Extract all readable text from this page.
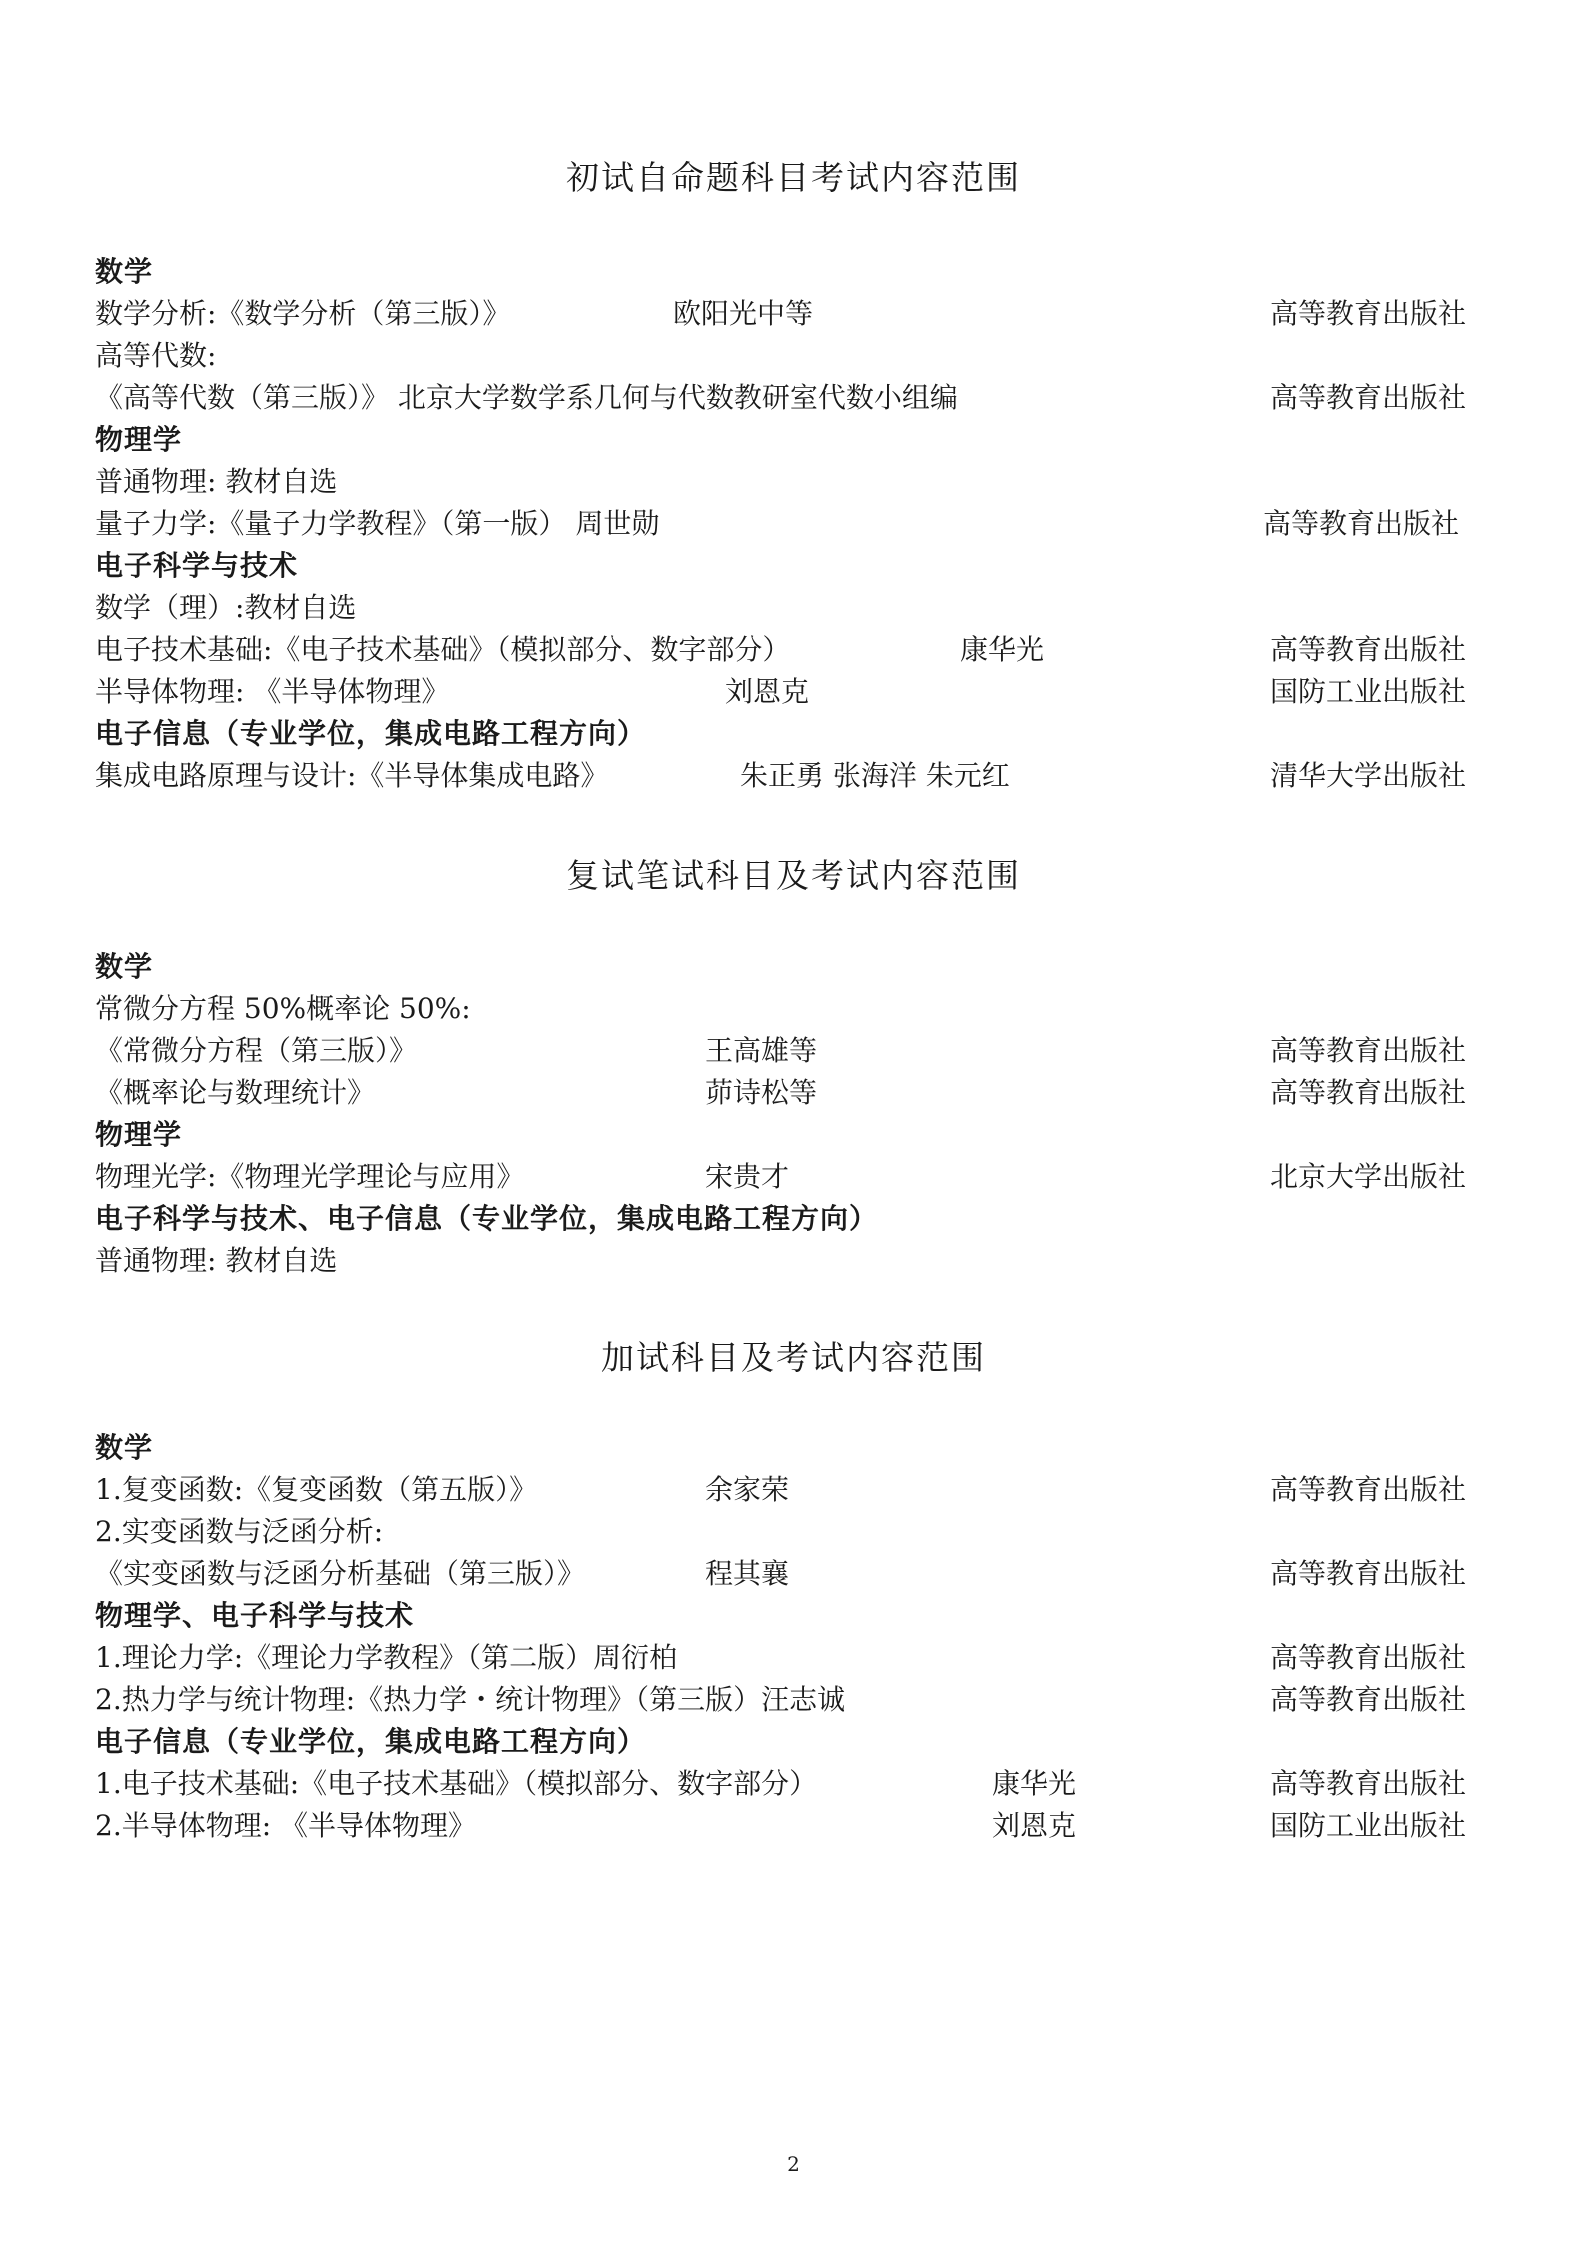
初试自命题科目考试内容范围
数学
数学分析:《数学分析（第三版）》	欧阳光中等	高等教育出版社
高等代数:
《高等代数（第三版）》 北京大学数学系几何与代数教研室代数小组编	高等教育出版社
物理学
普通物理: 教材自选
量子力学:《量子力学教程》（第一版） 周世勋	高等教育出版社
电子科学与技术
数学（理）:教材自选
电子技术基础:《电子技术基础》（模拟部分、数字部分）	康华光	高等教育出版社
半导体物理: 《半导体物理》	刘恩克	国防工业出版社
电子信息（专业学位，集成电路工程方向）
集成电路原理与设计:《半导体集成电路》	朱正勇 张海洋 朱元红	清华大学出版社
复试笔试科目及考试内容范围
数学
常微分方程 50%概率论 50%:
《常微分方程（第三版）》	王高雄等	高等教育出版社
《概率论与数理统计》	茆诗松等	高等教育出版社
物理学
物理光学:《物理光学理论与应用》	宋贵才	北京大学出版社
电子科学与技术、电子信息（专业学位，集成电路工程方向）
普通物理: 教材自选
加试科目及考试内容范围
数学
1.复变函数:《复变函数（第五版）》	余家荣	高等教育出版社
2.实变函数与泛函分析:
《实变函数与泛函分析基础（第三版）》	程其襄	高等教育出版社
物理学、电子科学与技术
1.理论力学:《理论力学教程》（第二版）周衍柏	高等教育出版社
2.热力学与统计物理:《热力学・统计物理》（第三版）汪志诚	高等教育出版社
电子信息（专业学位，集成电路工程方向）
1.电子技术基础:《电子技术基础》（模拟部分、数字部分）	康华光	高等教育出版社
2.半导体物理: 《半导体物理》	刘恩克	国防工业出版社
2
